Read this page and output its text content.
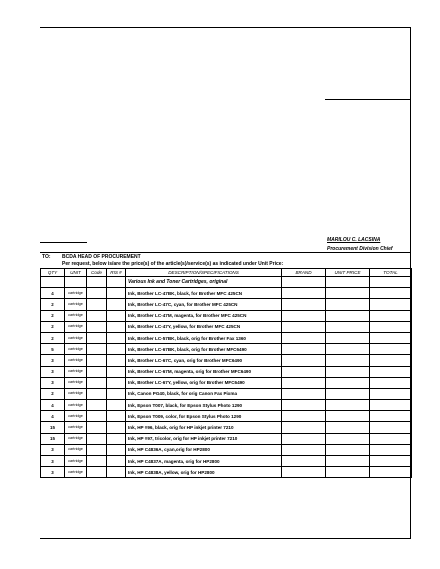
MARILOU C. LACSINA
Procurement Division Chief
TO: BCDA HEAD OF PROCUREMENT
Per request, below is/are the price(s) of the article(s)/service(s) as indicated under Unit Price:
QTY	UNIT	Code	RIS #	DESCRIPTION/SPECIFICATIONS	BRAND	UNIT PRICE	TOTAL
				Various Ink and Toner Cartridges, original			
4	cartridge			Ink, Brother LC-47BK, black, for Brother MFC 425CN			
2	cartridge			Ink, Brother LC-47C, cyan, for Brother MFC 425CN			
2	cartridge			Ink, Brother LC-47M, magenta, for Brother MFC 425CN			
2	cartridge			Ink, Brother LC-47Y, yellow, for Brother MFC 425CN			
2	cartridge			Ink, Brother LC-57BK, black, orig for Brother Fax 1360			
5	cartridge			Ink, Brother LC-67BK, black, orig for Brother MFC6490			
3	cartridge			Ink, Brother LC-67C, cyan, orig for Brother MFC6490			
3	cartridge			Ink, Brother LC-67M, magenta, orig for Brother MFC6490			
3	cartridge			Ink, Brother LC-67Y, yellow, orig for Brother MFC6490			
2	cartridge			Ink, Canon PG40, black, for orig Canon Fax Pixma			
4	cartridge			Ink, Epson T007, black, for Epson Stylus Photo 1290			
4	cartridge			Ink, Epson T009, color, for Epson Stylus Photo 1290			
15	cartridge			Ink, HP #96, black, orig for HP inkjet printer 7210			
15	cartridge			Ink, HP #97, tricolor, orig for HP inkjet printer 7210			
3	cartridge			Ink, HP C4836A, cyan,orig for HP2800			
3	cartridge			Ink, HP C4837A, magenta, orig for HP2800			
3	cartridge			Ink, HP C4838A, yellow, orig for HP2800			
